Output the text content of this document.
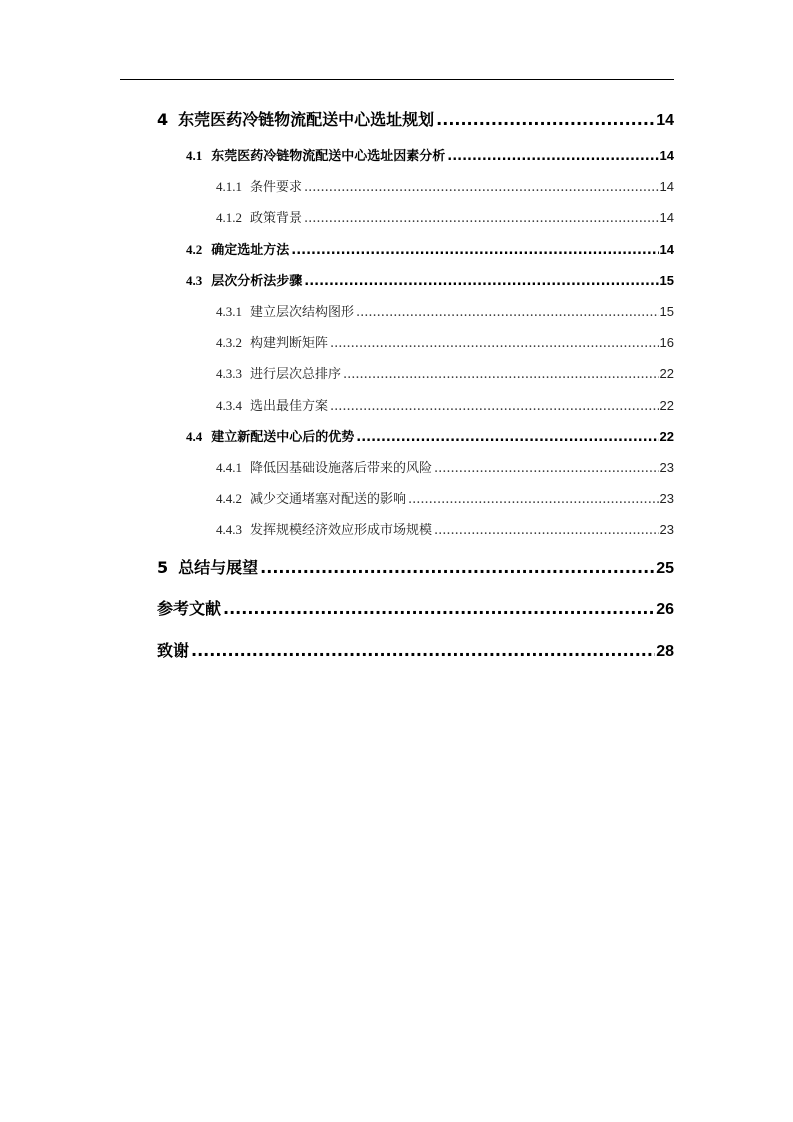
4 东莞医药冷链物流配送中心选址规划 .....	14
4.1 东莞医药冷链物流配送中心选址因素分析 .....	14
4.1.1 条件要求 .....	14
4.1.2 政策背景 .....	14
4.2 确定选址方法 .....	14
4.3 层次分析法步骤 .....	15
4.3.1 建立层次结构图形 .....	15
4.3.2 构建判断矩阵 .....	16
4.3.3 进行层次总排序 .....	22
4.3.4 选出最佳方案 .....	22
4.4 建立新配送中心后的优势 .....	22
4.4.1 降低因基础设施落后带来的风险 .....	23
4.4.2 减少交通堵塞对配送的影响 .....	23
4.4.3 发挥规模经济效应形成市场规模 .....	23
5 总结与展望 .....	25
参考文献 .....	26
致谢 .....	28
